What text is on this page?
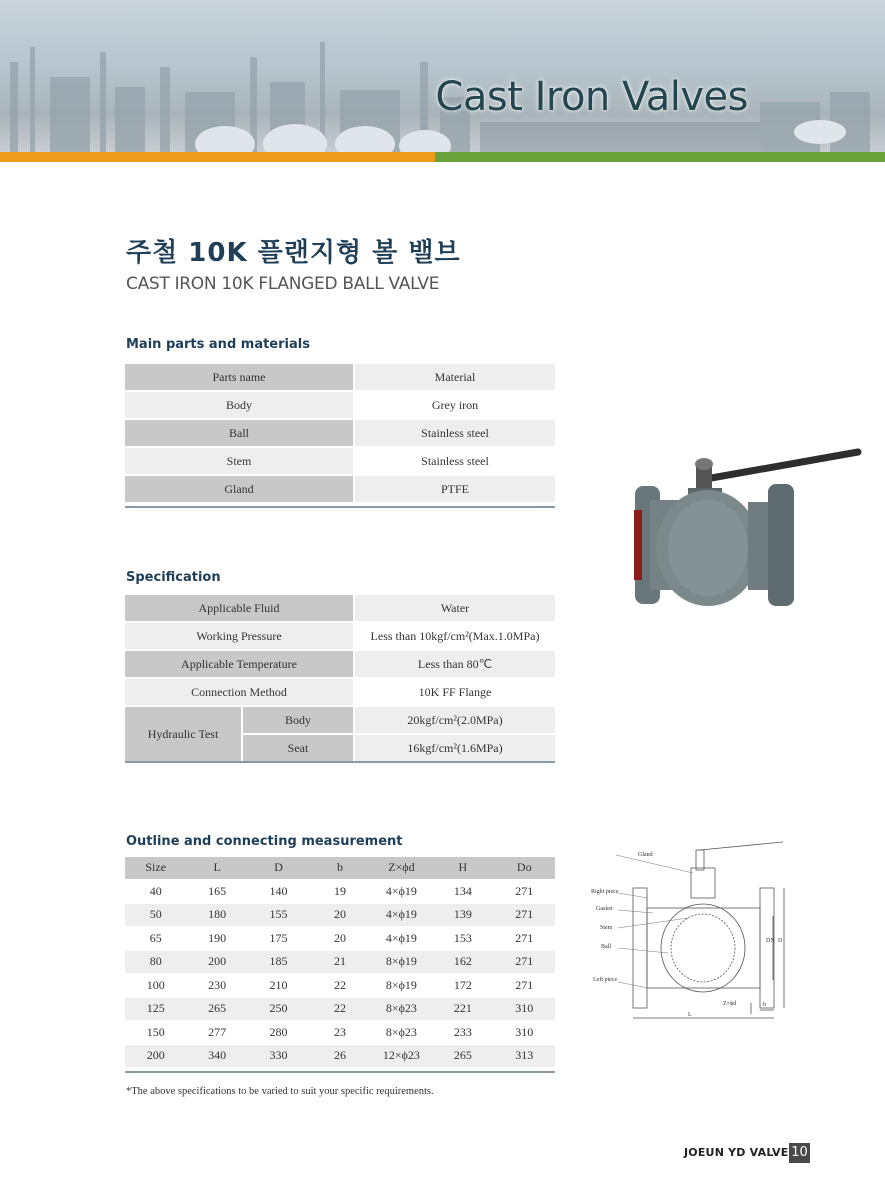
Cast Iron Valves
주철 10K 플랜지형 볼 밸브
CAST IRON 10K FLANGED BALL VALVE
Main parts and materials
Parts name	Material
Body	Grey iron
Ball	Stainless steel
Stem	Stainless steel
Gland	PTFE
Specification
Applicable Fluid		Water
Working Pressure		Less than 10kgf/cm²(Max.1.0MPa)
Applicable Temperature		Less than 80℃
Connection Method		10K FF Flange
Hydraulic Test	Body	20kgf/cm²(2.0MPa)
	Seat	16kgf/cm²(1.6MPa)
Outline and connecting measurement
Size	L	D	b	Z×ϕd	H	Do
40	165	140	19	4×ϕ19	134	271
50	180	155	20	4×ϕ19	139	271
65	190	175	20	4×ϕ19	153	271
80	200	185	21	8×ϕ19	162	271
100	230	210	22	8×ϕ19	172	271
125	265	250	22	8×ϕ23	221	310
150	277	280	23	8×ϕ23	233	310
200	340	330	26	12×ϕ23	265	313
*The above specifications to be varied to suit your specific requirements.
Gland
Right piece
Gasket
Stem
Ball
Left piece
L
Z×ϕd	b
DN D
JOEUN YD VALVE 10
